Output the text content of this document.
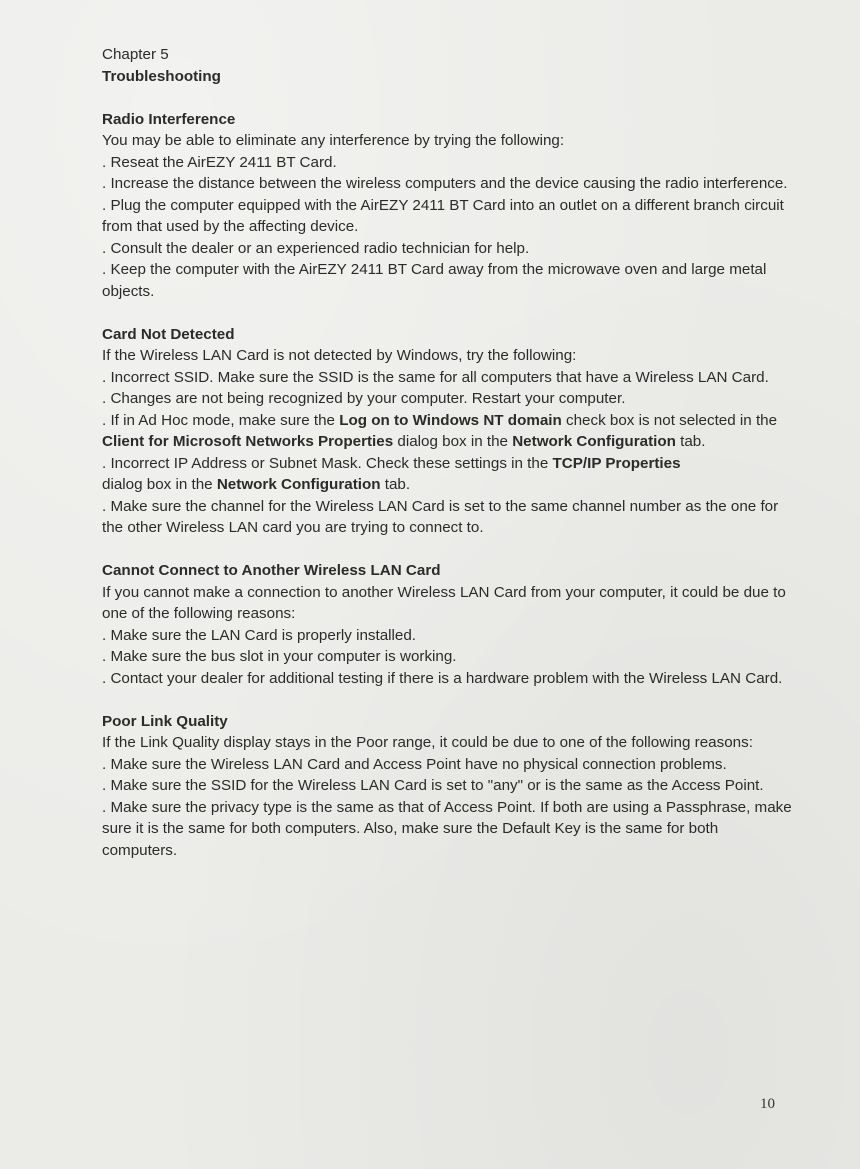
Chapter 5

Troubleshooting

Radio Interference

You may be able to eliminate any interference by trying the following:

. Reseat the AirEZY 2411 BT Card.

. Increase the distance between the wireless computers and the device causing the radio interference.

. Plug the computer equipped with the AirEZY 2411 BT Card into an outlet on a different branch circuit from that used by the affecting device.

. Consult the dealer or an experienced radio technician for help.

. Keep the computer with the AirEZY 2411 BT Card away from the microwave oven and large metal objects.

Card Not Detected

If the Wireless LAN Card is not detected by Windows, try the following:

. Incorrect SSID. Make sure the SSID is the same for all computers that have a Wireless LAN Card.

. Changes are not being recognized by your computer. Restart your computer.

. If in Ad Hoc mode, make sure the Log on to Windows NT domain check box is not selected in the Client for Microsoft Networks Properties dialog box in the Network Configuration tab.

. Incorrect IP Address or Subnet Mask. Check these settings in the TCP/IP Properties
dialog box in the Network Configuration tab.

. Make sure the channel for the Wireless LAN Card is set to the same channel number as the one for the other Wireless LAN card you are trying to connect to.

Cannot Connect to Another Wireless LAN Card

If you cannot make a connection to another Wireless LAN Card from your computer, it could be due to one of the following reasons:

. Make sure the LAN Card is properly installed.

. Make sure the bus slot in your computer is working.

. Contact your dealer for additional testing if there is a hardware problem with the Wireless LAN Card.

Poor Link Quality

If the Link Quality display stays in the Poor range, it could be due to one of the following reasons:

. Make sure the Wireless LAN Card and Access Point have no physical connection problems.

. Make sure the SSID for the Wireless LAN Card is set to "any" or is the same as the Access Point.

. Make sure the privacy type is the same as that of Access Point. If both are using a Passphrase, make sure it is the same for both computers. Also, make sure the Default Key is the same for both computers.

10
